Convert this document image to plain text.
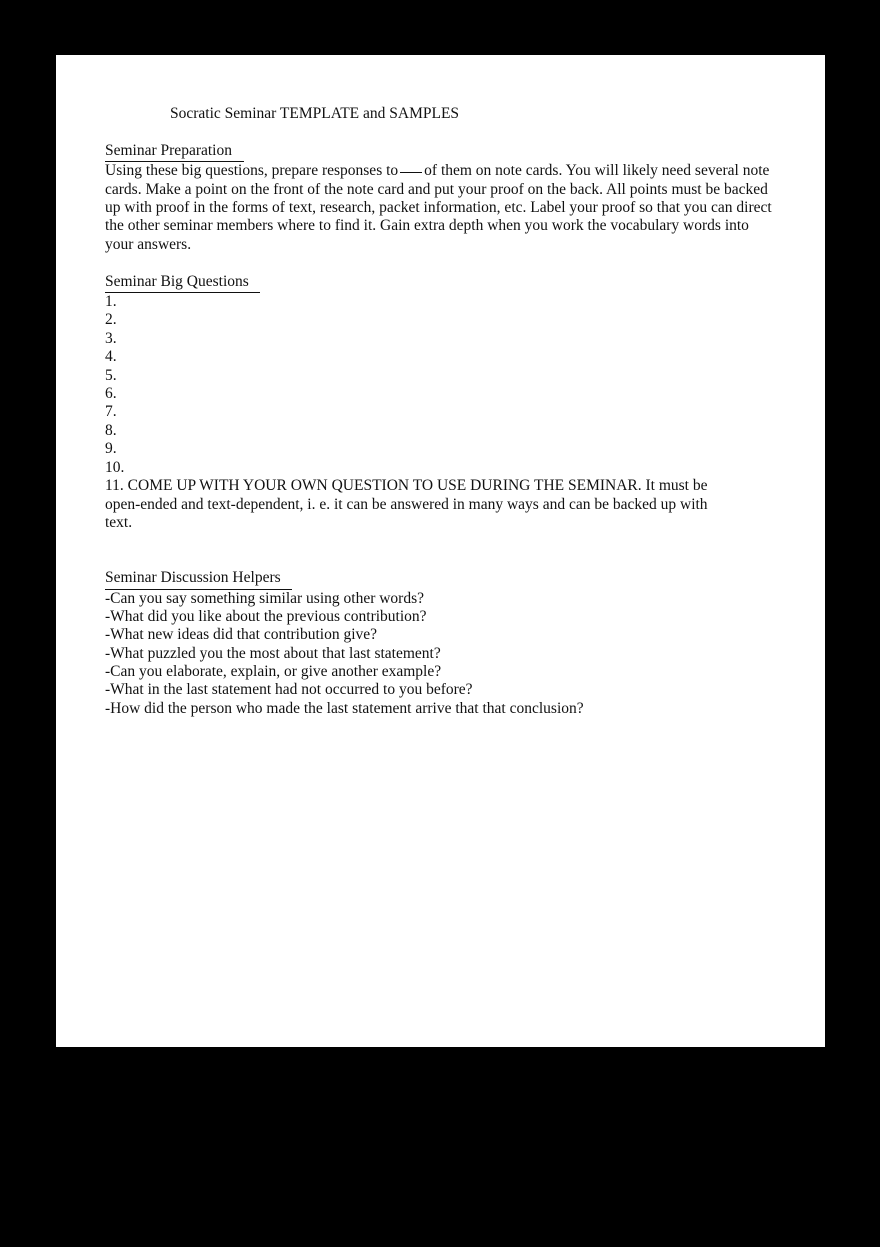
Socratic Seminar TEMPLATE and SAMPLES
Seminar Preparation
Using these big questions, prepare responses to of them on note cards. You will likely need several note cards. Make a point on the front of the note card and put your proof on the back. All points must be backed up with proof in the forms of text, research, packet information, etc. Label your proof so that you can direct the other seminar members where to find it. Gain extra depth when you work the vocabulary words into your answers.
Seminar Big Questions
1.
2.
3.
4.
5.
6.
7.
8.
9.
10.
11. COME UP WITH YOUR OWN QUESTION TO USE DURING THE SEMINAR. It must be open-ended and text-dependent, i. e. it can be answered in many ways and can be backed up with text.
Seminar Discussion Helpers
-Can you say something similar using other words?
-What did you like about the previous contribution?
-What new ideas did that contribution give?
-What puzzled you the most about that last statement?
-Can you elaborate, explain, or give another example?
-What in the last statement had not occurred to you before?
-How did the person who made the last statement arrive that that conclusion?
